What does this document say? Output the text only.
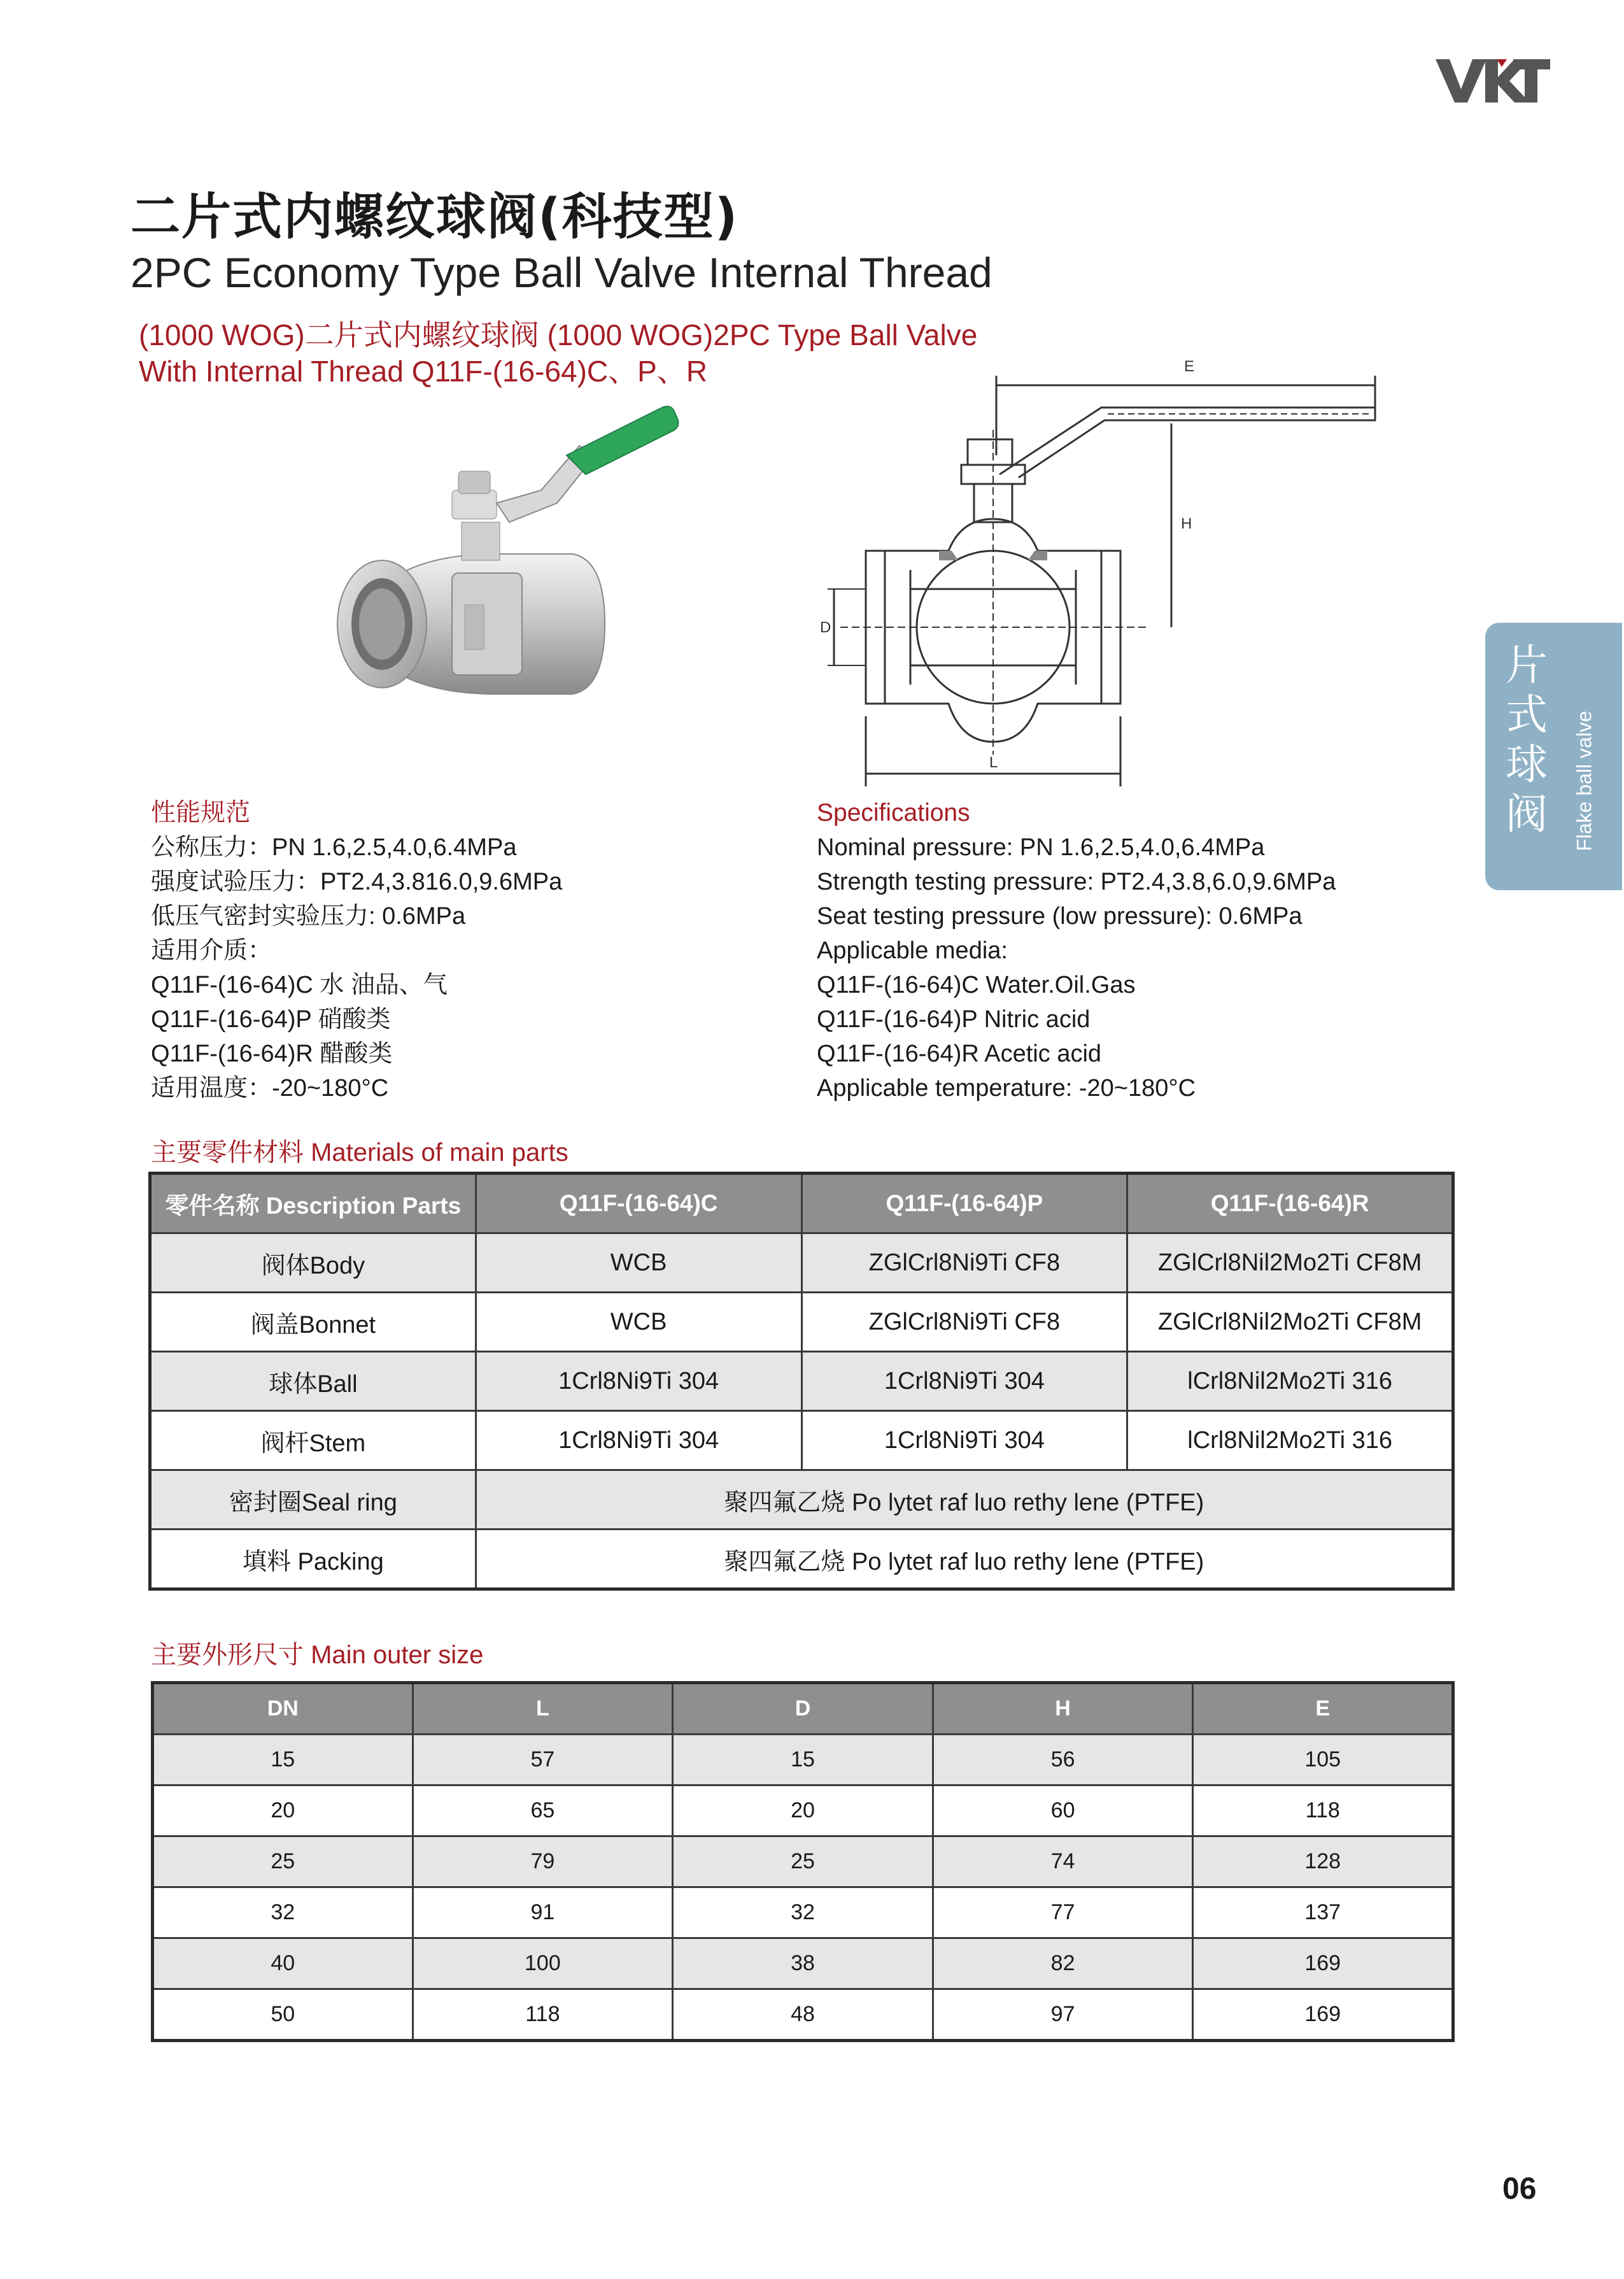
二片式内螺纹球阀(科技型)
2PC Economy Type Ball Valve Internal Thread
(1000 WOG)二片式内螺纹球阀 (1000 WOG)2PC Type Ball Valve
With Internal Thread Q11F-(16-64)C、P、R
片式球阀 Flake ball valve
E
H
D
L
性能规范
公称压力：PN 1.6,2.5,4.0,6.4MPa
强度试验压力：PT2.4,3.816.0,9.6MPa
低压气密封实验压力: 0.6MPa
适用介质：
Q11F-(16-64)C 水 油品、气
Q11F-(16-64)P 硝酸类
Q11F-(16-64)R 醋酸类
适用温度：-20~180°C
Specifications
Nominal pressure: PN 1.6,2.5,4.0,6.4MPa
Strength testing pressure: PT2.4,3.8,6.0,9.6MPa
Seat testing pressure (low pressure): 0.6MPa
Applicable media:
Q11F-(16-64)C Water.Oil.Gas
Q11F-(16-64)P Nitric acid
Q11F-(16-64)R Acetic acid
Applicable temperature: -20~180°C
主要零件材料 Materials of main parts
零件名称 Description Parts	Q11F-(16-64)C	Q11F-(16-64)P	Q11F-(16-64)R
阀体Body	WCB	ZGlCrl8Ni9Ti CF8	ZGlCrl8Nil2Mo2Ti CF8M
阀盖Bonnet	WCB	ZGlCrl8Ni9Ti CF8	ZGlCrl8Nil2Mo2Ti CF8M
球体Ball	1Crl8Ni9Ti 304	1Crl8Ni9Ti 304	lCrl8Nil2Mo2Ti 316
阀杆Stem	1Crl8Ni9Ti 304	1Crl8Ni9Ti 304	lCrl8Nil2Mo2Ti 316
密封圈Seal ring	聚四氟乙烧 Po lytet raf luo rethy lene (PTFE)		
填料 Packing	聚四氟乙烧 Po lytet raf luo rethy lene (PTFE)		
主要外形尺寸 Main outer size
DN	L	D	H	E
15	57	15	56	105
20	65	20	60	118
25	79	25	74	128
32	91	32	77	137
40	100	38	82	169
50	118	48	97	169
06
